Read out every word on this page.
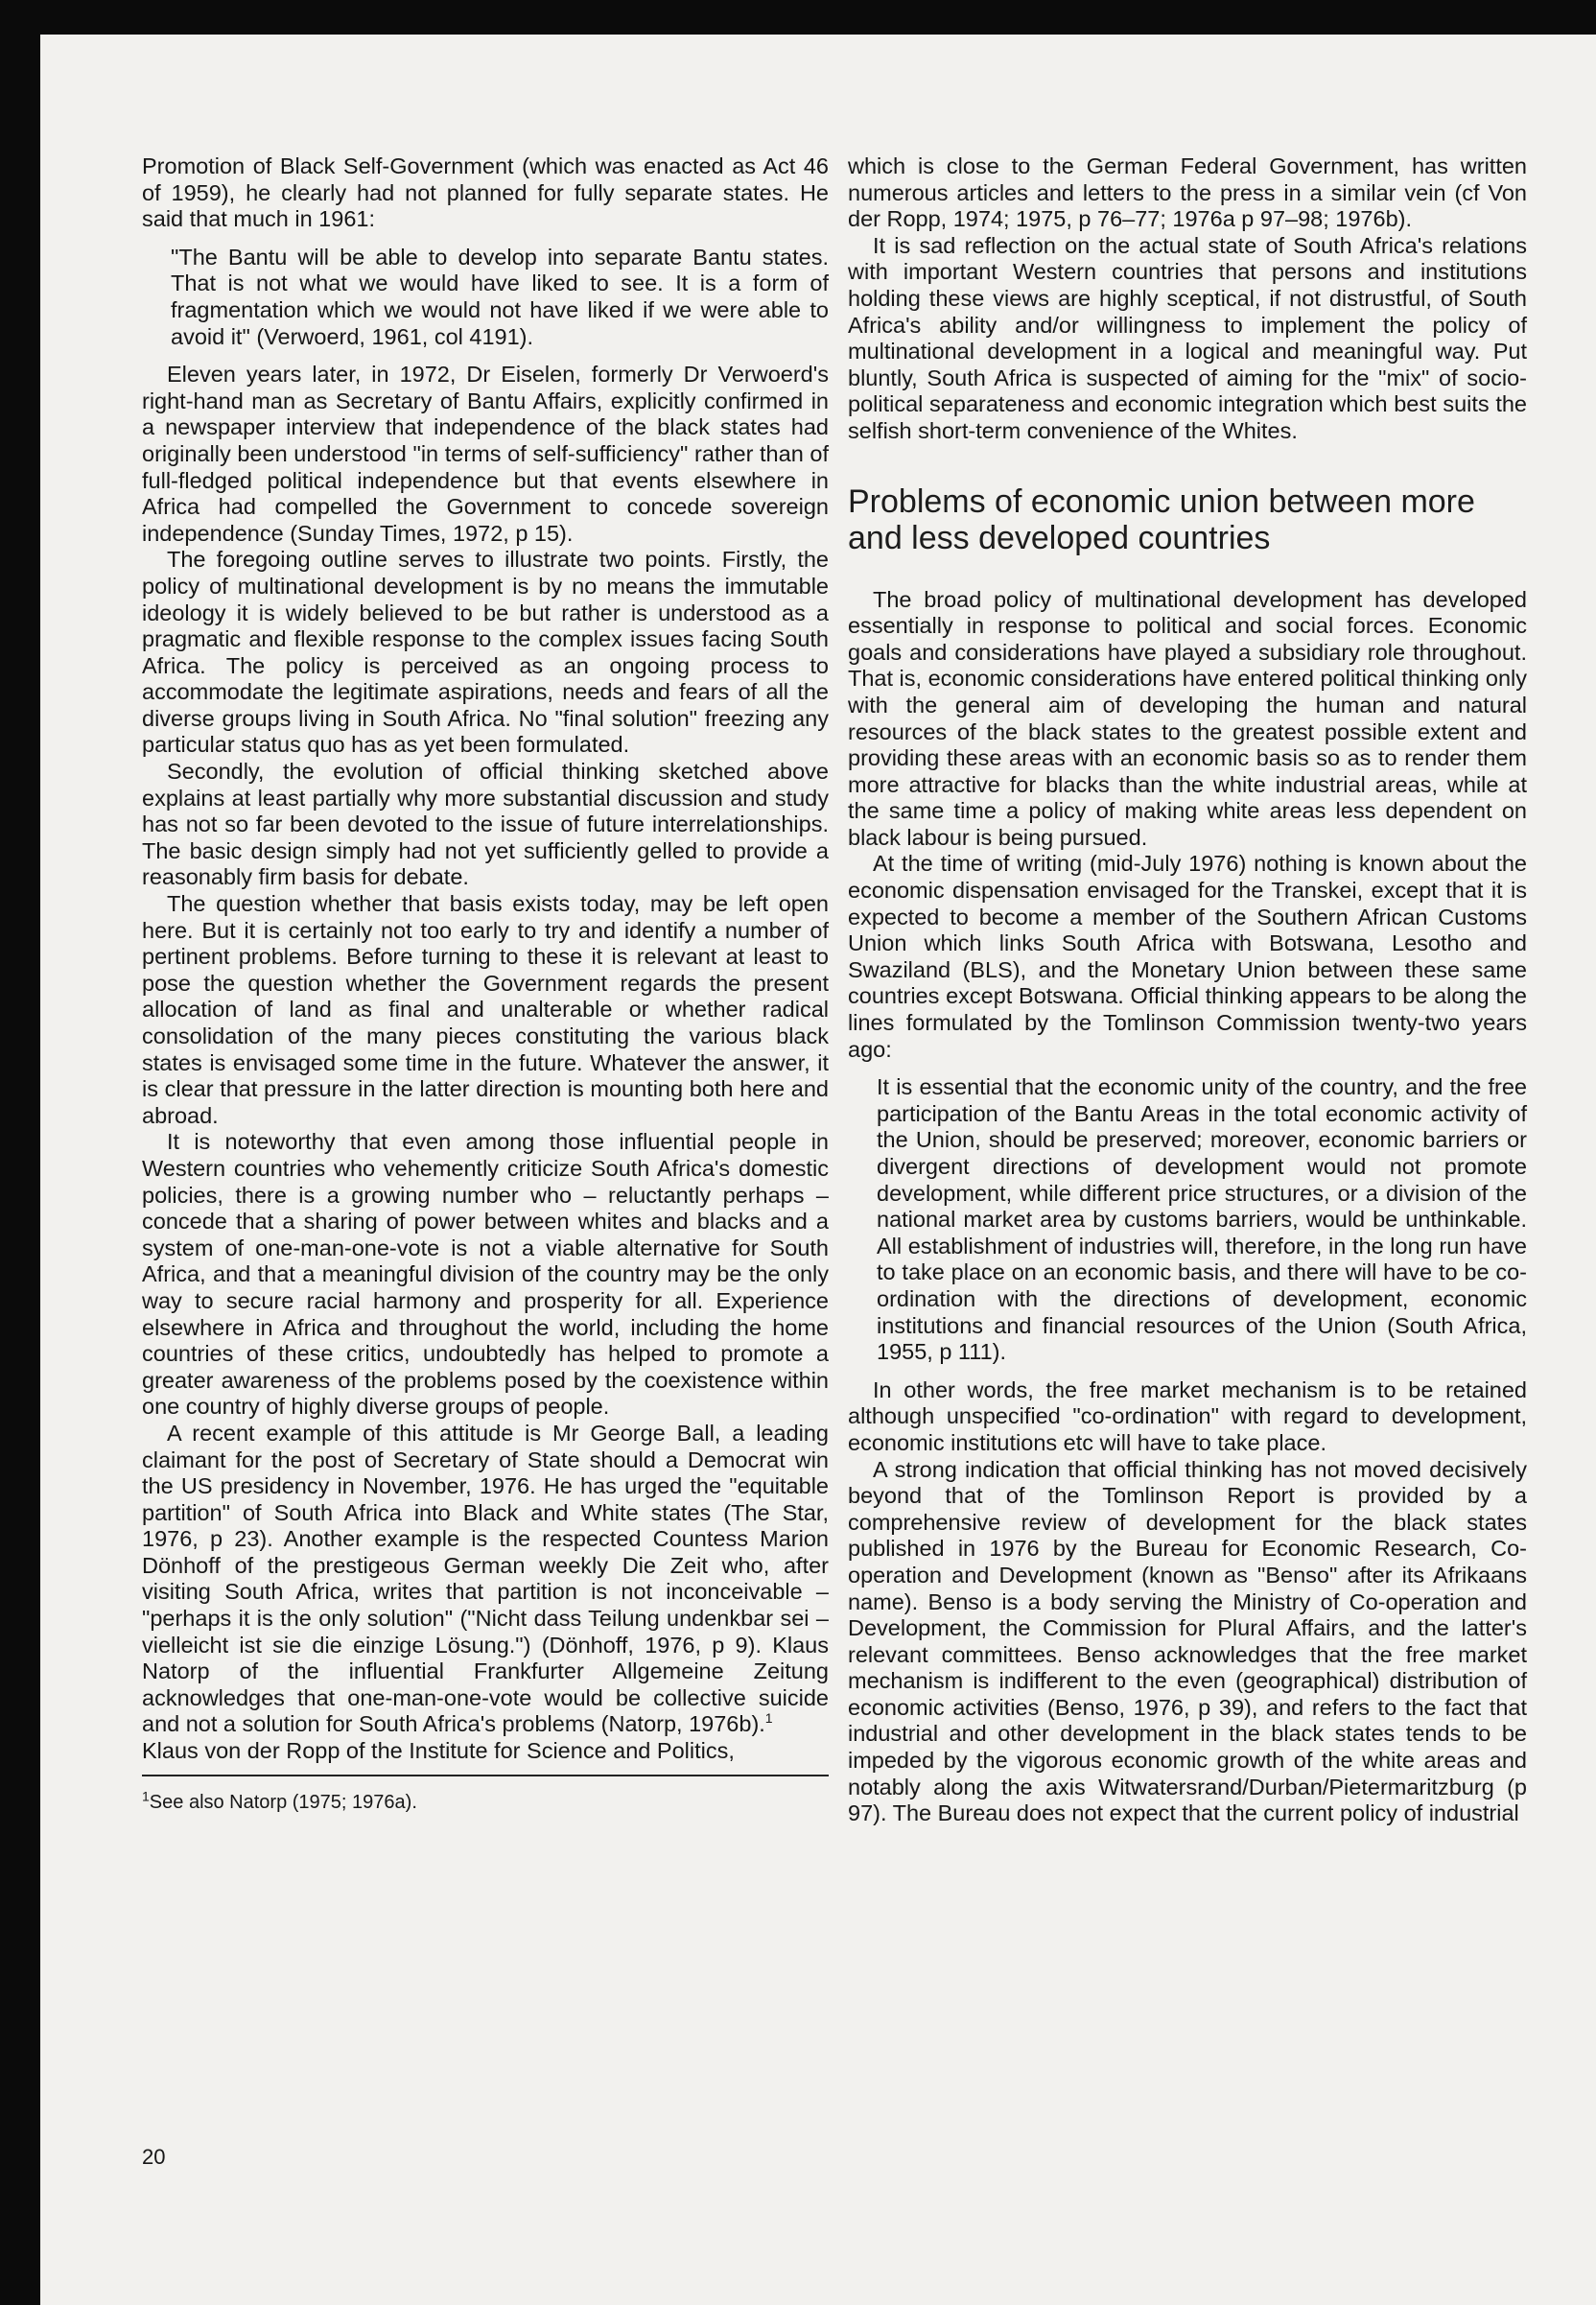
Promotion of Black Self-Government (which was enacted as Act 46 of 1959), he clearly had not planned for fully separate states. He said that much in 1961:

"The Bantu will be able to develop into separate Bantu states. That is not what we would have liked to see. It is a form of fragmentation which we would not have liked if we were able to avoid it" (Verwoerd, 1961, col 4191).

Eleven years later, in 1972, Dr Eiselen, formerly Dr Verwoerd's right-hand man as Secretary of Bantu Affairs, explicitly confirmed in a newspaper interview that independence of the black states had originally been understood "in terms of self-sufficiency" rather than of full-fledged political independence but that events elsewhere in Africa had compelled the Government to concede sovereign independence (Sunday Times, 1972, p 15).

The foregoing outline serves to illustrate two points. Firstly, the policy of multinational development is by no means the immutable ideology it is widely believed to be but rather is understood as a pragmatic and flexible response to the complex issues facing South Africa. The policy is perceived as an ongoing process to accommodate the legitimate aspirations, needs and fears of all the diverse groups living in South Africa. No "final solution" freezing any particular status quo has as yet been formulated.

Secondly, the evolution of official thinking sketched above explains at least partially why more substantial discussion and study has not so far been devoted to the issue of future interrelationships. The basic design simply had not yet sufficiently gelled to provide a reasonably firm basis for debate.

The question whether that basis exists today, may be left open here. But it is certainly not too early to try and identify a number of pertinent problems. Before turning to these it is relevant at least to pose the question whether the Government regards the present allocation of land as final and unalterable or whether radical consolidation of the many pieces constituting the various black states is envisaged some time in the future. Whatever the answer, it is clear that pressure in the latter direction is mounting both here and abroad.

It is noteworthy that even among those influential people in Western countries who vehemently criticize South Africa's domestic policies, there is a growing number who – reluctantly perhaps – concede that a sharing of power between whites and blacks and a system of one-man-one-vote is not a viable alternative for South Africa, and that a meaningful division of the country may be the only way to secure racial harmony and prosperity for all. Experience elsewhere in Africa and throughout the world, including the home countries of these critics, undoubtedly has helped to promote a greater awareness of the problems posed by the coexistence within one country of highly diverse groups of people.

A recent example of this attitude is Mr George Ball, a leading claimant for the post of Secretary of State should a Democrat win the US presidency in November, 1976. He has urged the "equitable partition" of South Africa into Black and White states (The Star, 1976, p 23). Another example is the respected Countess Marion Dönhoff of the prestigeous German weekly Die Zeit who, after visiting South Africa, writes that partition is not inconceivable – "perhaps it is the only solution" ("Nicht dass Teilung undenkbar sei – vielleicht ist sie die einzige Lösung.") (Dönhoff, 1976, p 9). Klaus Natorp of the influential Frankfurter Allgemeine Zeitung acknowledges that one-man-one-vote would be collective suicide and not a solution for South Africa's problems (Natorp, 1976b).$^1$

Klaus von der Ropp of the Institute for Science and Politics,

$^1$See also Natorp (1975; 1976a).

which is close to the German Federal Government, has written numerous articles and letters to the press in a similar vein (cf Von der Ropp, 1974; 1975, p 76–77; 1976a p 97–98; 1976b).

It is sad reflection on the actual state of South Africa's relations with important Western countries that persons and institutions holding these views are highly sceptical, if not distrustful, of South Africa's ability and/or willingness to implement the policy of multinational development in a logical and meaningful way. Put bluntly, South Africa is suspected of aiming for the "mix" of socio-political separateness and economic integration which best suits the selfish short-term convenience of the Whites.

Problems of economic union between more and less developed countries

The broad policy of multinational development has developed essentially in response to political and social forces. Economic goals and considerations have played a subsidiary role throughout. That is, economic considerations have entered political thinking only with the general aim of developing the human and natural resources of the black states to the greatest possible extent and providing these areas with an economic basis so as to render them more attractive for blacks than the white industrial areas, while at the same time a policy of making white areas less dependent on black labour is being pursued.

At the time of writing (mid-July 1976) nothing is known about the economic dispensation envisaged for the Transkei, except that it is expected to become a member of the Southern African Customs Union which links South Africa with Botswana, Lesotho and Swaziland (BLS), and the Monetary Union between these same countries except Botswana. Official thinking appears to be along the lines formulated by the Tomlinson Commission twenty-two years ago:

It is essential that the economic unity of the country, and the free participation of the Bantu Areas in the total economic activity of the Union, should be preserved; moreover, economic barriers or divergent directions of development would not promote development, while different price structures, or a division of the national market area by customs barriers, would be unthinkable. All establishment of industries will, therefore, in the long run have to take place on an economic basis, and there will have to be co-ordination with the directions of development, economic institutions and financial resources of the Union (South Africa, 1955, p 111).

In other words, the free market mechanism is to be retained although unspecified "co-ordination" with regard to development, economic institutions etc will have to take place.

A strong indication that official thinking has not moved decisively beyond that of the Tomlinson Report is provided by a comprehensive review of development for the black states published in 1976 by the Bureau for Economic Research, Co-operation and Development (known as "Benso" after its Afrikaans name). Benso is a body serving the Ministry of Co-operation and Development, the Commission for Plural Affairs, and the latter's relevant committees. Benso acknowledges that the free market mechanism is indifferent to the even (geographical) distribution of economic activities (Benso, 1976, p 39), and refers to the fact that industrial and other development in the black states tends to be impeded by the vigorous economic growth of the white areas and notably along the axis Witwatersrand/Durban/Pietermaritzburg (p 97). The Bureau does not expect that the current policy of industrial

20
